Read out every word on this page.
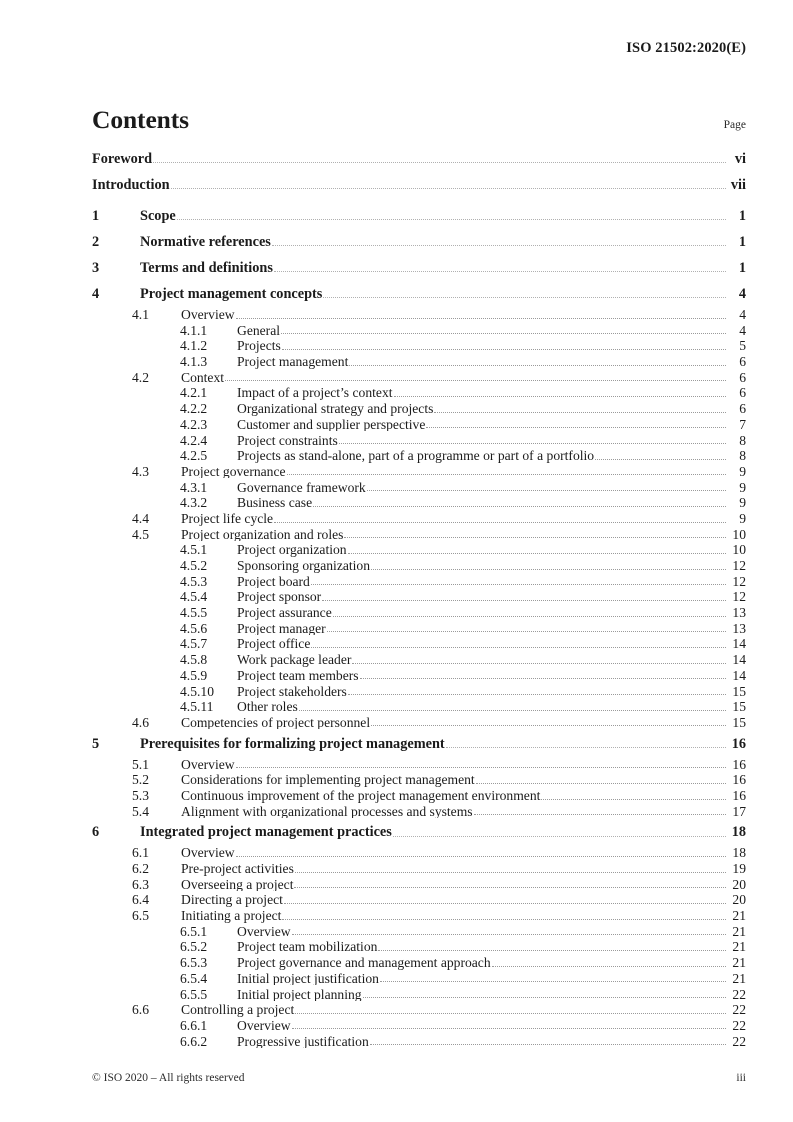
ISO 21502:2020(E)
Contents	Page
Foreword	vi
Introduction	vii
1	Scope	1
2	Normative references	1
3	Terms and definitions	1
4	Project management concepts	4
4.1	Overview	4
4.1.1	General	4
4.1.2	Projects	5
4.1.3	Project management	6
4.2	Context	6
4.2.1	Impact of a project’s context	6
4.2.2	Organizational strategy and projects	6
4.2.3	Customer and supplier perspective	7
4.2.4	Project constraints	8
4.2.5	Projects as stand-alone, part of a programme or part of a portfolio	8
4.3	Project governance	9
4.3.1	Governance framework	9
4.3.2	Business case	9
4.4	Project life cycle	9
4.5	Project organization and roles	10
4.5.1	Project organization	10
4.5.2	Sponsoring organization	12
4.5.3	Project board	12
4.5.4	Project sponsor	12
4.5.5	Project assurance	13
4.5.6	Project manager	13
4.5.7	Project office	14
4.5.8	Work package leader	14
4.5.9	Project team members	14
4.5.10	Project stakeholders	15
4.5.11	Other roles	15
4.6	Competencies of project personnel	15
5	Prerequisites for formalizing project management	16
5.1	Overview	16
5.2	Considerations for implementing project management	16
5.3	Continuous improvement of the project management environment	16
5.4	Alignment with organizational processes and systems	17
6	Integrated project management practices	18
6.1	Overview	18
6.2	Pre-project activities	19
6.3	Overseeing a project	20
6.4	Directing a project	20
6.5	Initiating a project	21
6.5.1	Overview	21
6.5.2	Project team mobilization	21
6.5.3	Project governance and management approach	21
6.5.4	Initial project justification	21
6.5.5	Initial project planning	22
6.6	Controlling a project	22
6.6.1	Overview	22
6.6.2	Progressive justification	22
© ISO 2020 – All rights reserved	iii
